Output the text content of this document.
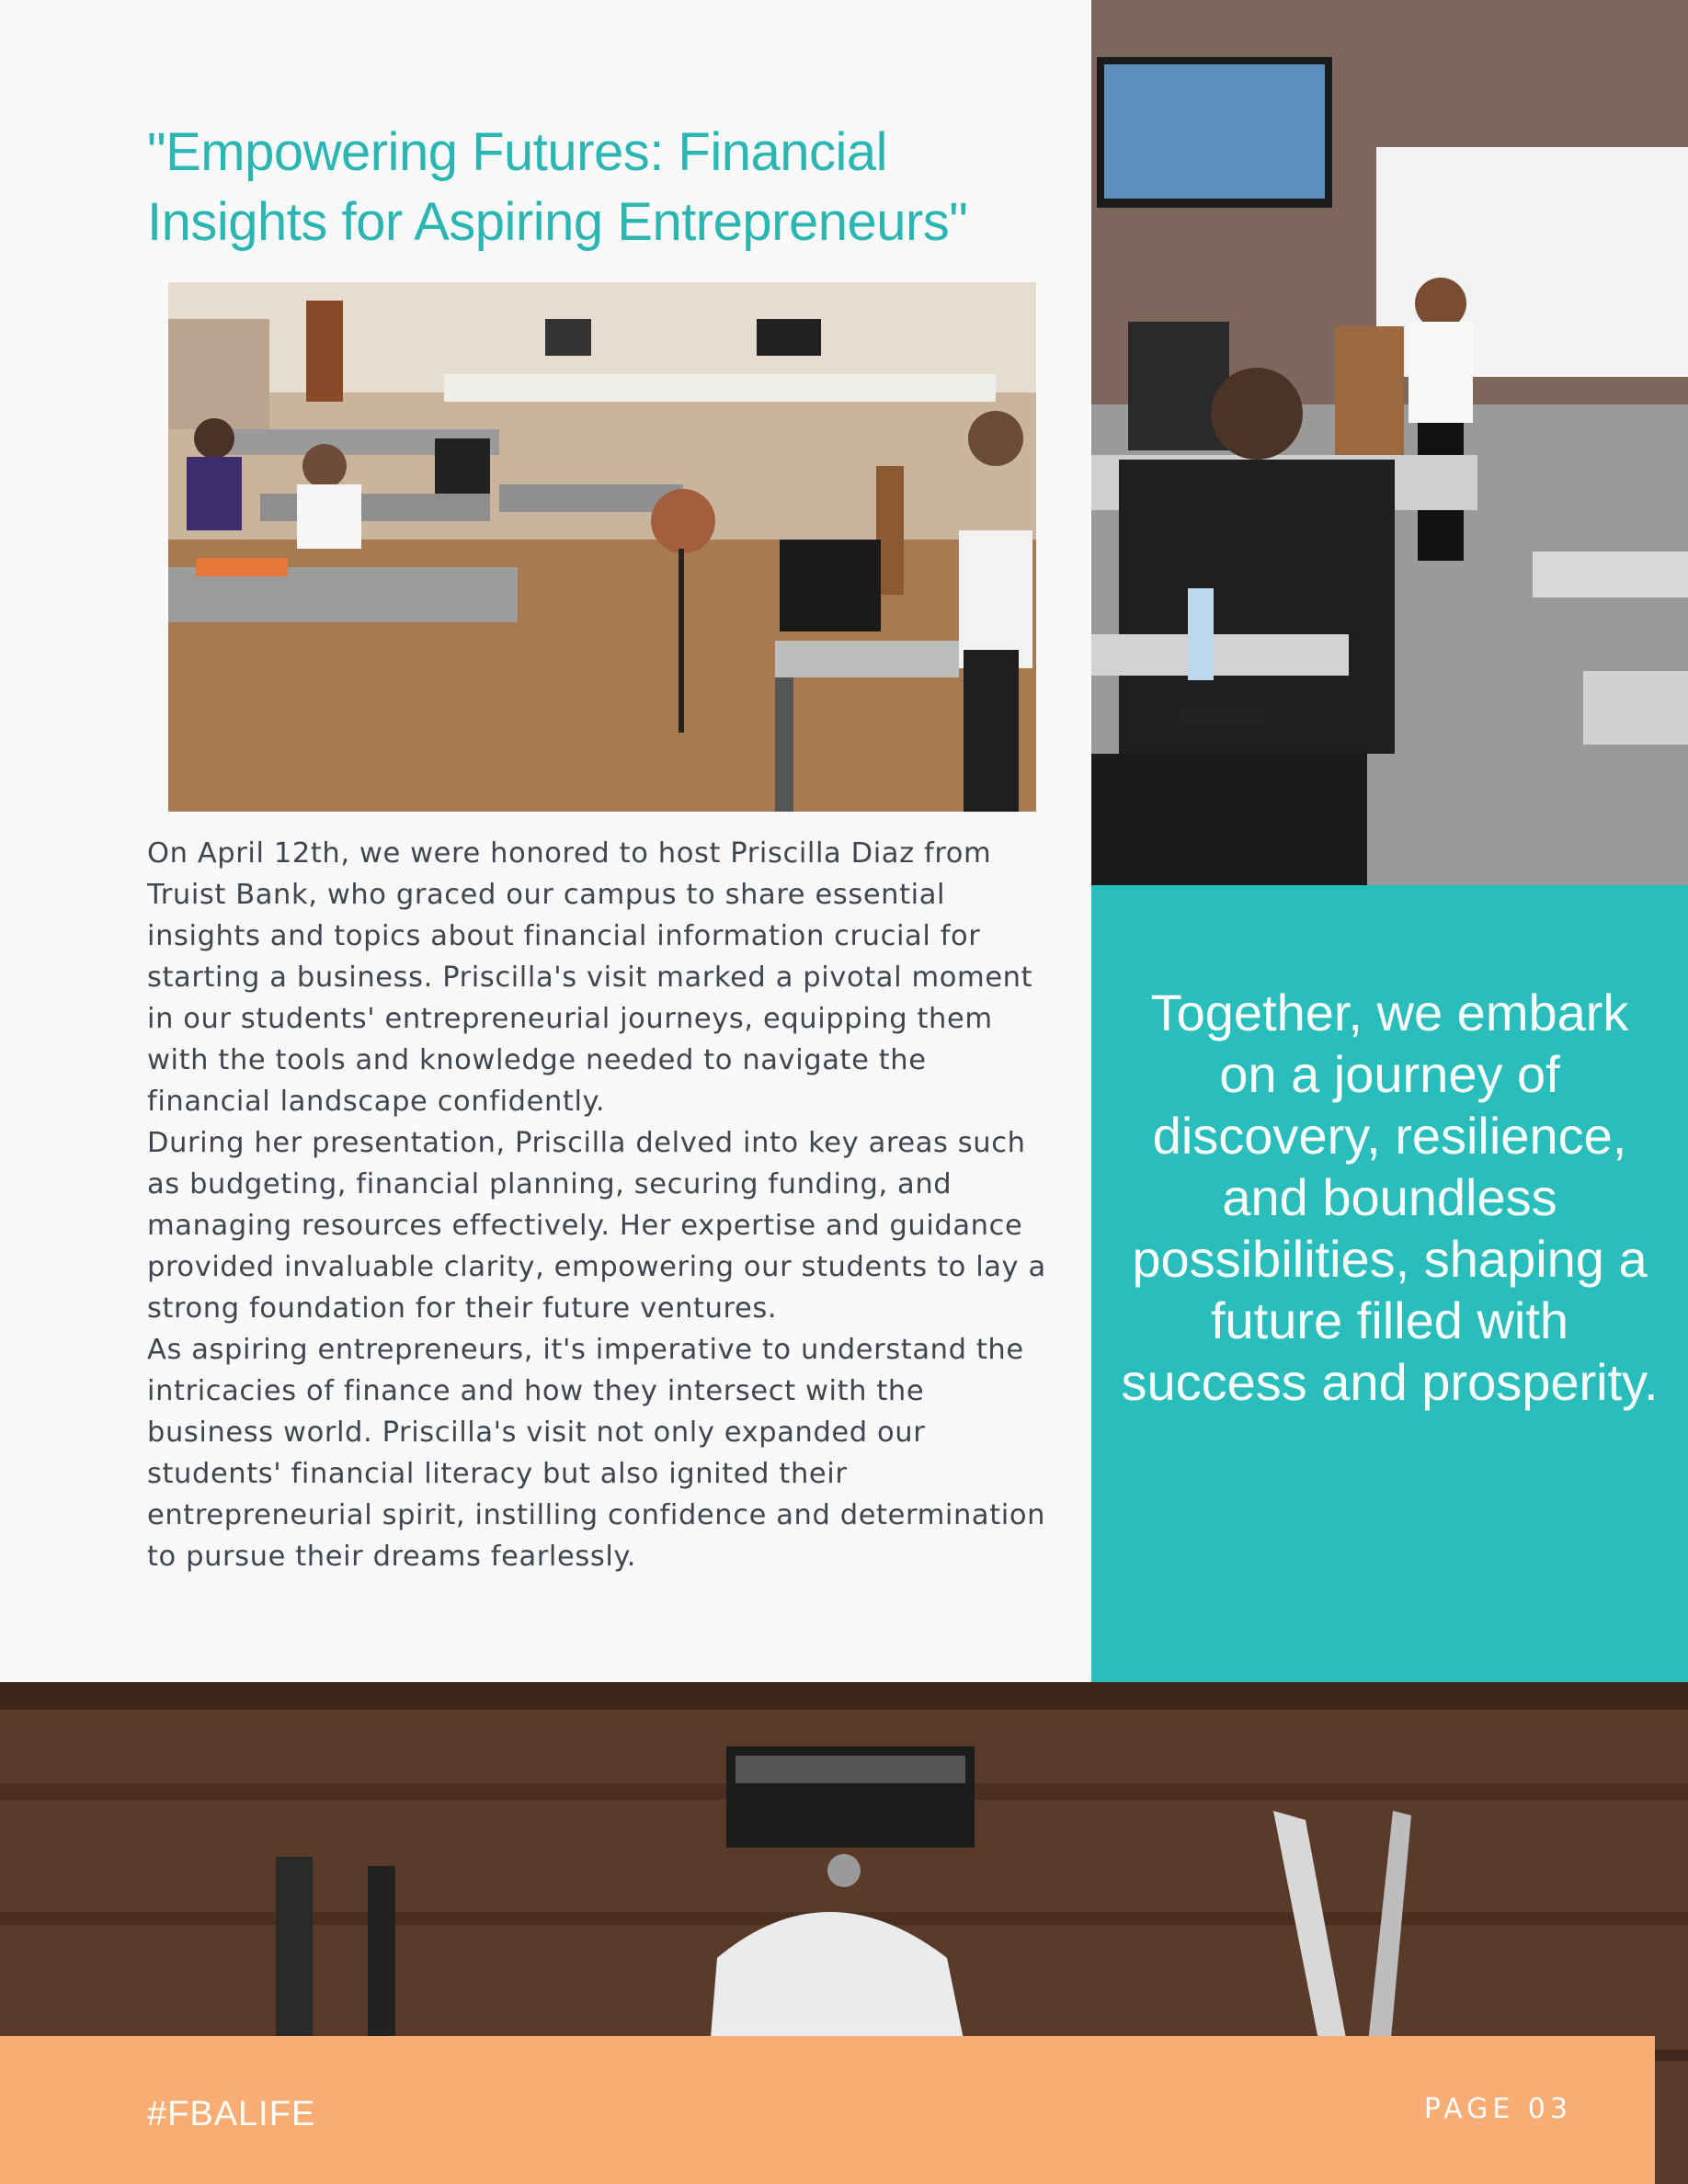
"Empowering Futures: Financial Insights for Aspiring Entrepreneurs"

On April 12th, we were honored to host Priscilla Diaz from Truist Bank, who graced our campus to share essential insights and topics about financial information crucial for starting a business. Priscilla's visit marked a pivotal moment in our students' entrepreneurial journeys, equipping them with the tools and knowledge needed to navigate the financial landscape confidently.

During her presentation, Priscilla delved into key areas such as budgeting, financial planning, securing funding, and managing resources effectively. Her expertise and guidance provided invaluable clarity, empowering our students to lay a strong foundation for their future ventures.

As aspiring entrepreneurs, it's imperative to understand the intricacies of finance and how they intersect with the business world. Priscilla's visit not only expanded our students' financial literacy but also ignited their entrepreneurial spirit, instilling confidence and determination to pursue their dreams fearlessly.

Together, we embark on a journey of discovery, resilience, and boundless possibilities, shaping a future filled with success and prosperity.
#FBALIFE	PAGE 03
